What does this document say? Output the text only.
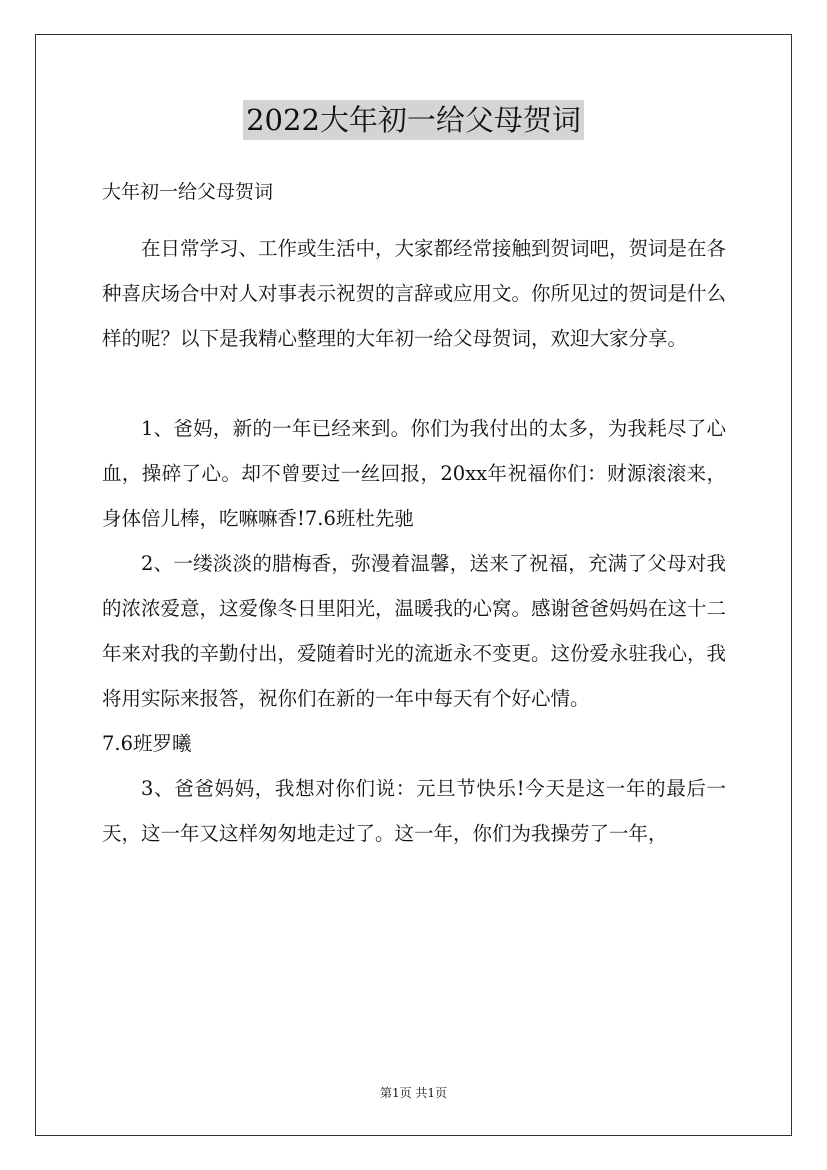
2022大年初一给父母贺词
大年初一给父母贺词

在日常学习、工作或生活中，大家都经常接触到贺词吧，贺词是在各种喜庆场合中对人对事表示祝贺的言辞或应用文。你所见过的贺词是什么样的呢？以下是我精心整理的大年初一给父母贺词，欢迎大家分享。

1、爸妈，新的一年已经来到。你们为我付出的太多，为我耗尽了心血，操碎了心。却不曾要过一丝回报，20xx年祝福你们：财源滚滚来，身体倍儿棒，吃嘛嘛香!7.6班杜先驰

2、一缕淡淡的腊梅香，弥漫着温馨，送来了祝福，充满了父母对我的浓浓爱意，这爱像冬日里阳光，温暖我的心窝。感谢爸爸妈妈在这十二年来对我的辛勤付出，爱随着时光的流逝永不变更。这份爱永驻我心，我将用实际来报答，祝你们在新的一年中每天有个好心情。

7.6班罗曦

3、爸爸妈妈，我想对你们说：元旦节快乐!今天是这一年的最后一天，这一年又这样匆匆地走过了。这一年，你们为我操劳了一年，

第1页 共1页
